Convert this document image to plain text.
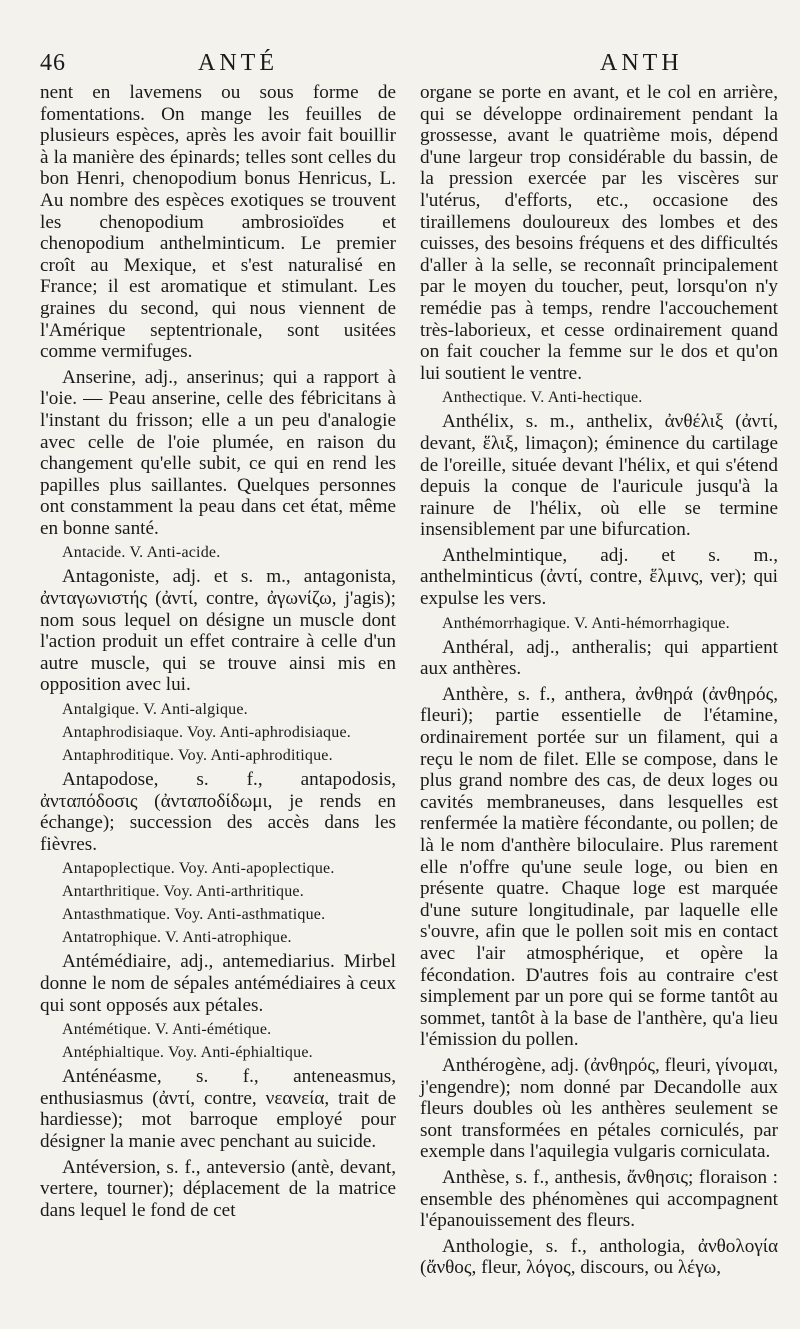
46	ANTÉ	ANTH

nent en lavemens ou sous forme de fomentations. On mange les feuilles de plusieurs espèces, après les avoir fait bouillir à la manière des épinards; telles sont celles du bon Henri, chenopodium bonus Henricus, L. Au nombre des espèces exotiques se trouvent les chenopodium ambrosioïdes et chenopodium anthelminticum. Le premier croît au Mexique, et s'est naturalisé en France; il est aromatique et stimulant. Les graines du second, qui nous viennent de l'Amérique septentrionale, sont usitées comme vermifuges.

Anserine, adj., anserinus; qui a rapport à l'oie. — Peau anserine, celle des fébricitans à l'instant du frisson; elle a un peu d'analogie avec celle de l'oie plumée, en raison du changement qu'elle subit, ce qui en rend les papilles plus saillantes. Quelques personnes ont constamment la peau dans cet état, même en bonne santé.

Antacide. V. Anti-acide.

Antagoniste, adj. et s. m., antagonista, ἀνταγωνιστής (ἀντί, contre, ἀγωνίζω, j'agis); nom sous lequel on désigne un muscle dont l'action produit un effet contraire à celle d'un autre muscle, qui se trouve ainsi mis en opposition avec lui.

Antalgique. V. Anti-algique.

Antaphrodisiaque. Voy. Anti-aphrodisiaque.

Antaphroditique. Voy. Anti-aphroditique.

Antapodose, s. f., antapodosis, ἀνταπόδοσις (ἀνταποδίδωμι, je rends en échange); succession des accès dans les fièvres.

Antapoplectique. Voy. Anti-apoplectique.

Antarthritique. Voy. Anti-arthritique.

Antasthmatique. Voy. Anti-asthmatique.

Antatrophique. V. Anti-atrophique.

Antémédiaire, adj., antemediarius. Mirbel donne le nom de sépales antémédiaires à ceux qui sont opposés aux pétales.

Antémétique. V. Anti-émétique.

Antéphialtique. Voy. Anti-éphialtique.

Anténéasme, s. f., anteneasmus, enthusiasmus (ἀντί, contre, νεανεία, trait de hardiesse); mot barroque employé pour désigner la manie avec penchant au suicide.

Antéversion, s. f., anteversio (antè, devant, vertere, tourner); déplacement de la matrice dans lequel le fond de cet

organe se porte en avant, et le col en arrière, qui se développe ordinairement pendant la grossesse, avant le quatrième mois, dépend d'une largeur trop considérable du bassin, de la pression exercée par les viscères sur l'utérus, d'efforts, etc., occasione des tiraillemens douloureux des lombes et des cuisses, des besoins fréquens et des difficultés d'aller à la selle, se reconnaît principalement par le moyen du toucher, peut, lorsqu'on n'y remédie pas à temps, rendre l'accouchement très-laborieux, et cesse ordinairement quand on fait coucher la femme sur le dos et qu'on lui soutient le ventre.

Anthectique. V. Anti-hectique.

Anthélix, s. m., anthelix, ἀνθέλιξ (ἀντί, devant, ἕλιξ, limaçon); éminence du cartilage de l'oreille, située devant l'hélix, et qui s'étend depuis la conque de l'auricule jusqu'à la rainure de l'hélix, où elle se termine insensiblement par une bifurcation.

Anthelmintique, adj. et s. m., anthelminticus (ἀντί, contre, ἕλμινς, ver); qui expulse les vers.

Anthémorrhagique. V. Anti-hémorrhagique.

Anthéral, adj., antheralis; qui appartient aux anthères.

Anthère, s. f., anthera, ἀνθηρά (ἀνθηρός, fleuri); partie essentielle de l'étamine, ordinairement portée sur un filament, qui a reçu le nom de filet. Elle se compose, dans le plus grand nombre des cas, de deux loges ou cavités membraneuses, dans lesquelles est renfermée la matière fécondante, ou pollen; de là le nom d'anthère biloculaire. Plus rarement elle n'offre qu'une seule loge, ou bien en présente quatre. Chaque loge est marquée d'une suture longitudinale, par laquelle elle s'ouvre, afin que le pollen soit mis en contact avec l'air atmosphérique, et opère la fécondation. D'autres fois au contraire c'est simplement par un pore qui se forme tantôt au sommet, tantôt à la base de l'anthère, qu'a lieu l'émission du pollen.

Anthérogène, adj. (ἀνθηρός, fleuri, γίνομαι, j'engendre); nom donné par Decandolle aux fleurs doubles où les anthères seulement se sont transformées en pétales corniculés, par exemple dans l'aquilegia vulgaris corniculata.

Anthèse, s. f., anthesis, ἄνθησις; floraison : ensemble des phénomènes qui accompagnent l'épanouissement des fleurs.

Anthologie, s. f., anthologia, ἀνθολογία (ἄνθος, fleur, λόγος, discours, ou λέγω,
